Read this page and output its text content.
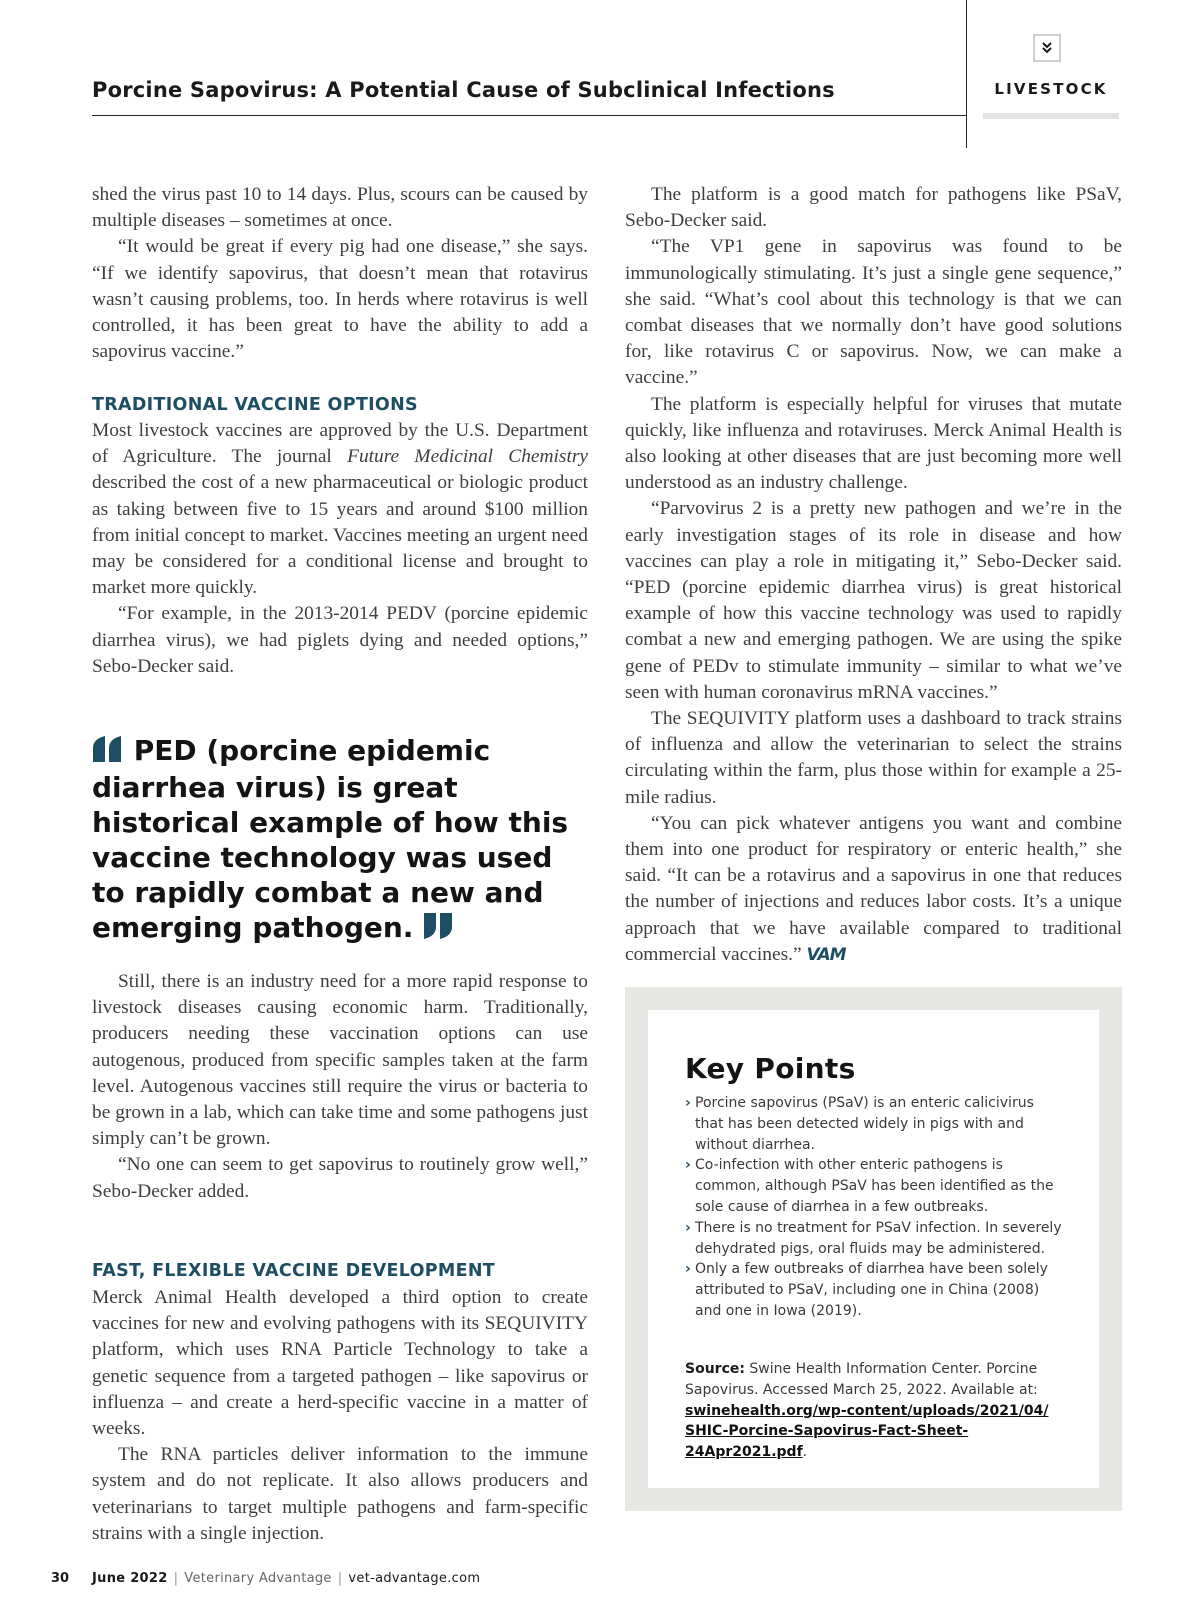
Porcine Sapovirus: A Potential Cause of Subclinical Infections	LIVESTOCK

shed the virus past 10 to 14 days. Plus, scours can be caused by multiple diseases – sometimes at once.

“It would be great if every pig had one disease,” she says. “If we identify sapovirus, that doesn’t mean that rotavirus wasn’t causing problems, too. In herds where rotavirus is well controlled, it has been great to have the ability to add a sapovirus vaccine.”

TRADITIONAL VACCINE OPTIONS

Most livestock vaccines are approved by the U.S. Department of Agriculture. The journal Future Medicinal Chemistry described the cost of a new pharmaceutical or biologic product as taking between five to 15 years and around $100 million from initial concept to market. Vaccines meeting an urgent need may be considered for a conditional license and brought to market more quickly.

“For example, in the 2013-2014 PEDV (porcine epidemic diarrhea virus), we had piglets dying and needed options,” Sebo-Decker said.

PED (porcine epidemic diarrhea virus) is great historical example of how this vaccine technology was used to rapidly combat a new and emerging pathogen.

Still, there is an industry need for a more rapid response to livestock diseases causing economic harm. Traditionally, producers needing these vaccination options can use autogenous, produced from specific samples taken at the farm level. Autogenous vaccines still require the virus or bacteria to be grown in a lab, which can take time and some pathogens just simply can’t be grown.

“No one can seem to get sapovirus to routinely grow well,” Sebo-Decker added.

FAST, FLEXIBLE VACCINE DEVELOPMENT

Merck Animal Health developed a third option to create vaccines for new and evolving pathogens with its SEQUIVITY platform, which uses RNA Particle Technology to take a genetic sequence from a targeted pathogen – like sapovirus or influenza – and create a herd-specific vaccine in a matter of weeks.

The RNA particles deliver information to the immune system and do not replicate. It also allows producers and veterinarians to target multiple pathogens and farm-specific strains with a single injection.

The platform is a good match for pathogens like PSaV, Sebo-Decker said.

“The VP1 gene in sapovirus was found to be immunologically stimulating. It’s just a single gene sequence,” she said. “What’s cool about this technology is that we can combat diseases that we normally don’t have good solutions for, like rotavirus C or sapovirus. Now, we can make a vaccine.”

The platform is especially helpful for viruses that mutate quickly, like influenza and rotaviruses. Merck Animal Health is also looking at other diseases that are just becoming more well understood as an industry challenge.

“Parvovirus 2 is a pretty new pathogen and we’re in the early investigation stages of its role in disease and how vaccines can play a role in mitigating it,” Sebo-Decker said. “PED (porcine epidemic diarrhea virus) is great historical example of how this vaccine technology was used to rapidly combat a new and emerging pathogen. We are using the spike gene of PEDv to stimulate immunity – similar to what we’ve seen with human coronavirus mRNA vaccines.”

The SEQUIVITY platform uses a dashboard to track strains of influenza and allow the veterinarian to select the strains circulating within the farm, plus those within for example a 25-mile radius.

“You can pick whatever antigens you want and combine them into one product for respiratory or enteric health,” she said. “It can be a rotavirus and a sapovirus in one that reduces the number of injections and reduces labor costs. It’s a unique approach that we have available compared to traditional commercial vaccines.” VAM

Key Points
› Porcine sapovirus (PSaV) is an enteric calicivirus that has been detected widely in pigs with and without diarrhea.
› Co-infection with other enteric pathogens is common, although PSaV has been identified as the sole cause of diarrhea in a few outbreaks.
› There is no treatment for PSaV infection. In severely dehydrated pigs, oral fluids may be administered.
› Only a few outbreaks of diarrhea have been solely attributed to PSaV, including one in China (2008) and one in Iowa (2019).
Source: Swine Health Information Center. Porcine Sapovirus. Accessed March 25, 2022. Available at:
swinehealth.org/wp-content/uploads/2021/04/
SHIC-Porcine-Sapovirus-Fact-Sheet-24Apr2021.pdf.
30 June 2022 | Veterinary Advantage | vet-advantage.com
